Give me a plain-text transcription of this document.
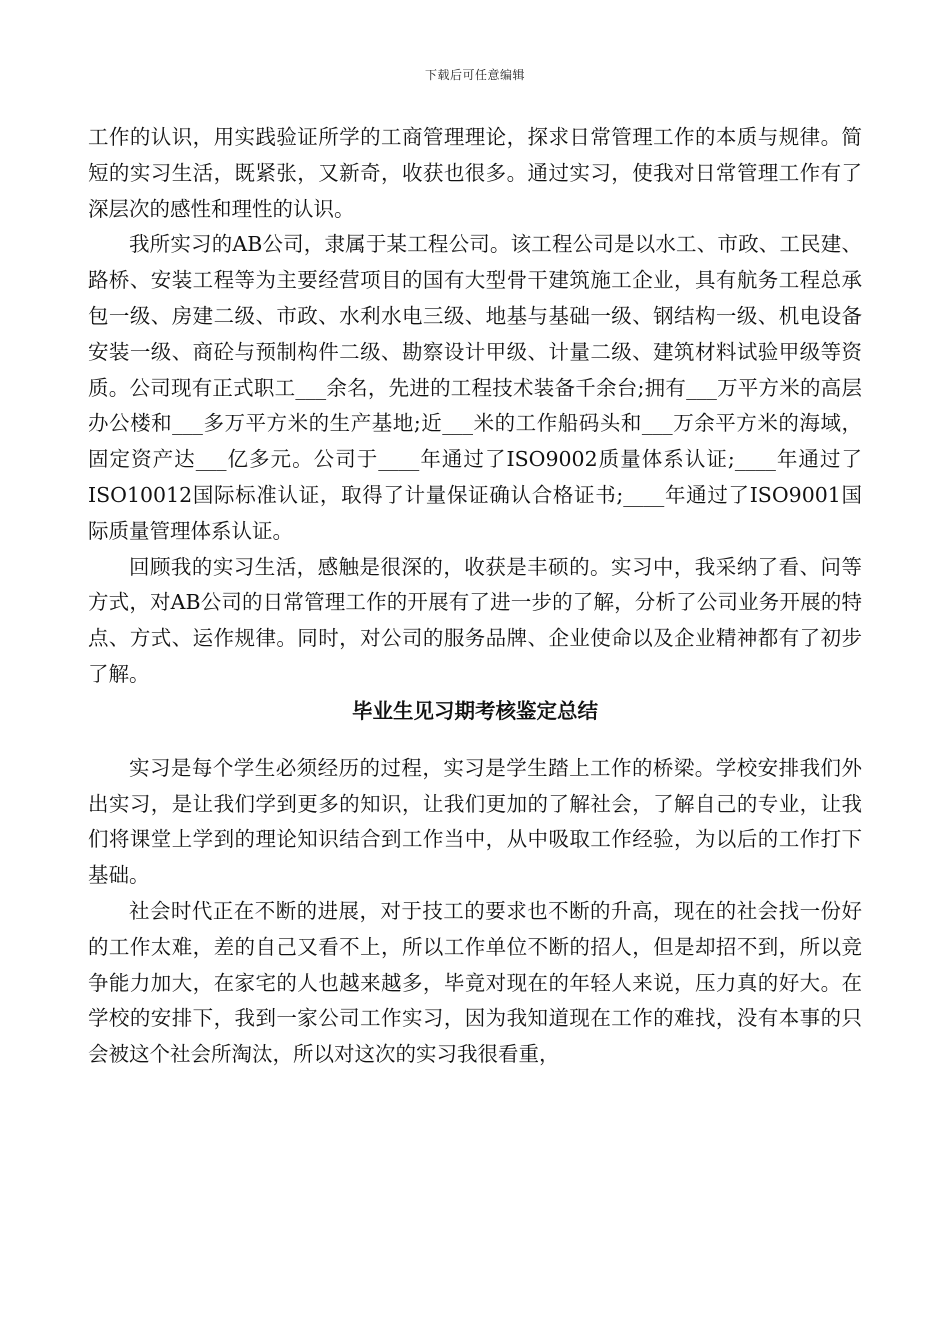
下载后可任意编辑

工作的认识，用实践验证所学的工商管理理论，探求日常管理工作的本质与规律。简短的实习生活，既紧张，又新奇，收获也很多。通过实习，使我对日常管理工作有了深层次的感性和理性的认识。

我所实习的AB公司，隶属于某工程公司。该工程公司是以水工、市政、工民建、路桥、安装工程等为主要经营项目的国有大型骨干建筑施工企业，具有航务工程总承包一级、房建二级、市政、水利水电三级、地基与基础一级、钢结构一级、机电设备安装一级、商砼与预制构件二级、勘察设计甲级、计量二级、建筑材料试验甲级等资质。公司现有正式职工___余名，先进的工程技术装备千余台;拥有___万平方米的高层办公楼和___多万平方米的生产基地;近___米的工作船码头和___万余平方米的海域，固定资产达___亿多元。公司于____年通过了ISO9002质量体系认证;____年通过了ISO10012国际标准认证，取得了计量保证确认合格证书;____年通过了ISO9001国际质量管理体系认证。

回顾我的实习生活，感触是很深的，收获是丰硕的。实习中，我采纳了看、问等方式，对AB公司的日常管理工作的开展有了进一步的了解，分析了公司业务开展的特点、方式、运作规律。同时，对公司的服务品牌、企业使命以及企业精神都有了初步了解。

毕业生见习期考核鉴定总结

实习是每个学生必须经历的过程，实习是学生踏上工作的桥梁。学校安排我们外出实习，是让我们学到更多的知识，让我们更加的了解社会，了解自己的专业，让我们将课堂上学到的理论知识结合到工作当中，从中吸取工作经验，为以后的工作打下基础。

社会时代正在不断的进展，对于技工的要求也不断的升高，现在的社会找一份好的工作太难，差的自己又看不上，所以工作单位不断的招人，但是却招不到，所以竞争能力加大，在家宅的人也越来越多，毕竟对现在的年轻人来说，压力真的好大。在学校的安排下，我到一家公司工作实习，因为我知道现在工作的难找，没有本事的只会被这个社会所淘汰，所以对这次的实习我很看重，
